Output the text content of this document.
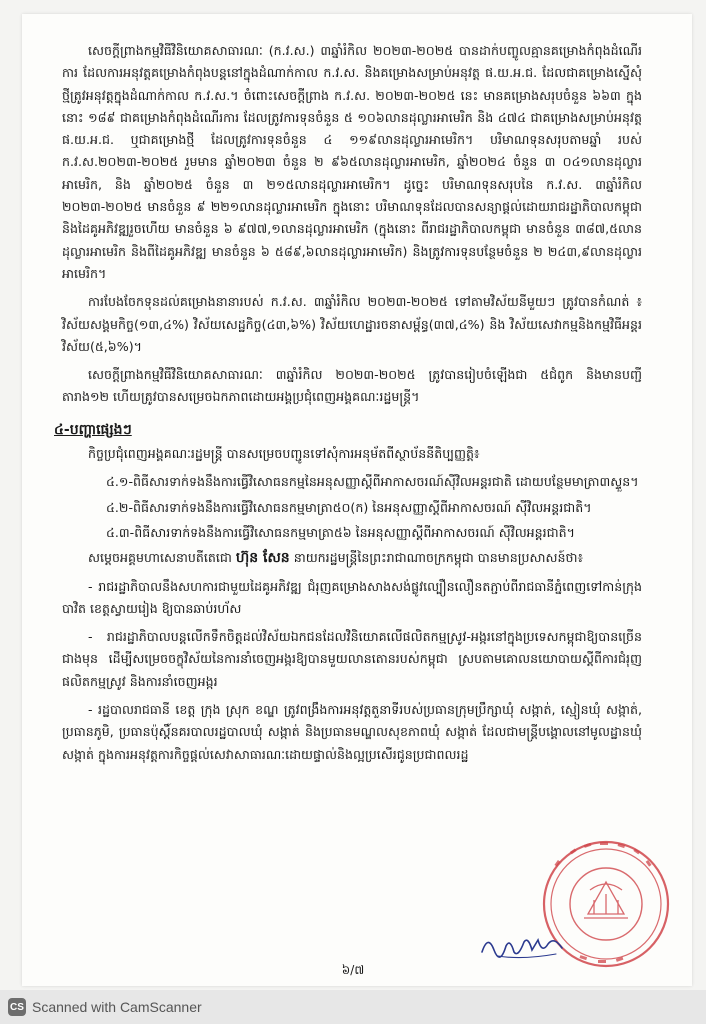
សេចក្តីព្រាងកម្មវិធីវិនិយោគសាធារណៈ (ក.វ.ស.) ៣ឆ្នាំរំកិល ២០២៣-២០២៥ បានដាក់បញ្ចូលគ្មានគម្រោងកំពុងដំណើរការ ដែលការអនុវត្តគម្រោងកំពុងបន្តនៅក្នុងដំណាក់កាល ក.វ.ស. និងគម្រោងសម្រាប់អនុវត្ត ផ.យ.អ.ជ. ដែលជាគម្រោងស្នើសុំថ្មីត្រូវអនុវត្តក្នុងដំណាក់កាល ក.វ.ស.។ ចំពោះសេចក្តីព្រាង ក.វ.ស. ២០២៣-២០២៥ នេះ មានគម្រោងសរុបចំនួន ៦៦៣ ក្នុងនោះ ១៨៩ ជាគម្រោងកំពុងដំណើរការ ដែលត្រូវការទុនចំនួន ៥ ១០៦លានដុល្លារអាមេរិក និង ៤៧៤ ជាគម្រោងសម្រាប់អនុវត្ត ផ.យ.អ.ជ. ឬជាគម្រោងថ្មី ដែលត្រូវការទុនចំនួន ៤ ១១៩លានដុល្លារអាមេរិក។ បរិមាណទុនសរុបតាមឆ្នាំ របស់ ក.វ.ស.២០២៣-២០២៥ រួមមាន ឆ្នាំ២០២៣ ចំនួន ២ ៩៦៥លានដុល្លារអាមេរិក, ឆ្នាំ២០២៤ ចំនួន ៣ ០៤១លានដុល្លារអាមេរិក, និង ឆ្នាំ២០២៥ ចំនួន ៣ ២១៥លានដុល្លារអាមេរិក។ ដូច្នេះ បរិមាណទុនសរុបនៃ ក.វ.ស. ៣ឆ្នាំរំកិល ២០២៣-២០២៥ មានចំនួន ៩ ២២១លានដុល្លារអាមេរិក ក្នុងនោះ បរិមាណទុនដែលបានសន្យាផ្តល់ដោយរាជរដ្ឋាភិបាលកម្ពុជានិងដៃគូអភិវឌ្ឍរួចហើយ មានចំនួន ៦ ៩៧៧,១លានដុល្លារអាមេរិក (ក្នុងនោះ ពីរាជរដ្ឋាភិបាលកម្ពុជា មានចំនួន ៣៨៧,៥លានដុល្លារអាមេរិក និងពីដៃគូអភិវឌ្ឍ មានចំនួន ៦ ៥៨៩,៦លានដុល្លារអាមេរិក) និងត្រូវការទុនបន្ថែមចំនួន ២ ២៤៣,៩លានដុល្លារអាមេរិក។

ការបែងចែកទុនដល់គម្រោងនានារបស់ ក.វ.ស. ៣ឆ្នាំរំកិល ២០២៣-២០២៥ ទៅតាមវិស័យនីមួយៗ ត្រូវបានកំណត់ ៖ វិស័យសង្គមកិច្ច(១៣,៤%) វិស័យសេដ្ឋកិច្ច(៤៣,៦%) វិស័យហេដ្ឋារចនាសម្ព័ន្ធ(៣៧,៤%) និង វិស័យសេវាកម្មនិងកម្មវិធីអន្តរវិស័យ(៥,៦%)។

សេចក្តីព្រាងកម្មវិធីវិនិយោគសាធារណៈ ៣ឆ្នាំរំកិល ២០២៣-២០២៥ ត្រូវបានរៀបចំឡើងជា ៥ជំពូក និងមានបញ្ជីតារាង១២ ហើយត្រូវបានសម្រេចឯកភាពដោយអង្គប្រជុំពេញអង្គគណៈរដ្ឋមន្ត្រី។

៤-បញ្ហាផ្សេងៗ

កិច្ចប្រជុំពេញអង្គគណៈរដ្ឋមន្ត្រី បានសម្រេចបញ្ជូនទៅសុំការអនុម័តពីស្ថាប័ននីតិប្បញ្ញត្តិ៖

៤.១-ពិធីសារទាក់ទងនឹងការធ្វើវិសោធនកម្មនៃអនុសញ្ញាស្តីពីអាកាសចរណ៍ស៊ីវិលអន្តរជាតិ ដោយបន្ថែមមាត្រា៣ស្ទួន។

៤.២-ពិធីសារទាក់ទងនឹងការធ្វើវិសោធនកម្មមាត្រា៥០(ក) នៃអនុសញ្ញាស្តីពីអាកាសចរណ៍ ស៊ីវិលអន្តរជាតិ។

៤.៣-ពិធីសារទាក់ទងនឹងការធ្វើវិសោធនកម្មមាត្រា៥៦ នៃអនុសញ្ញាស្តីពីអាកាសចរណ៍ ស៊ីវិលអន្តរជាតិ។

សម្តេចអគ្គមហាសេនាបតីតេជោ ហ៊ុន សែន នាយករដ្ឋមន្ត្រីនៃព្រះរាជាណាចក្រកម្ពុជា បានមានប្រសាសន៍ថា៖

- រាជរដ្ឋាភិបាលនឹងសហការជាមួយដៃគូអភិវឌ្ឍ ជំរុញគម្រោងសាងសង់ផ្លូវល្បឿនលឿនតភ្ជាប់ពីរាជធានីភ្នំពេញទៅកាន់ក្រុងបាវិត ខេត្តស្វាយរៀង ឱ្យបានឆាប់រហ័ស

- រាជរដ្ឋាភិបាលបន្តលើកទឹកចិត្តដល់វិស័យឯកជនដែលវិនិយោគលើផលិតកម្មស្រូវ-អង្ករនៅក្នុងប្រទេសកម្ពុជាឱ្យបានច្រើនជាងមុន ដើម្បីសម្រេចចក្ខុវិស័យនៃការនាំចេញអង្ករឱ្យបានមួយលានតោនរបស់កម្ពុជា ស្របតាមគោលនយោបាយស្តីពីការជំរុញផលិតកម្មស្រូវ និងការនាំចេញអង្ករ

- រដ្ឋបាលរាជធានី ខេត្ត ក្រុង ស្រុក ខណ្ឌ ត្រូវពង្រឹងការអនុវត្តតួនាទីរបស់ប្រធានក្រុមប្រឹក្សាឃុំ សង្កាត់, ស្មៀនឃុំ សង្កាត់, ប្រធានភូមិ, ប្រធានប៉ុស្តិ៍នគរបាលរដ្ឋបាលឃុំ សង្កាត់ និងប្រធានមណ្ឌលសុខភាពឃុំ សង្កាត់ ដែលជាមន្ត្រីបង្គោលនៅមូលដ្ឋានឃុំ សង្កាត់ ក្នុងការអនុវត្តការកិច្ចផ្តល់សេវាសាធារណៈដោយផ្ទាល់និងល្អប្រសើរជូនប្រជាពលរដ្ឋ

៦/៧
CS Scanned with CamScanner
